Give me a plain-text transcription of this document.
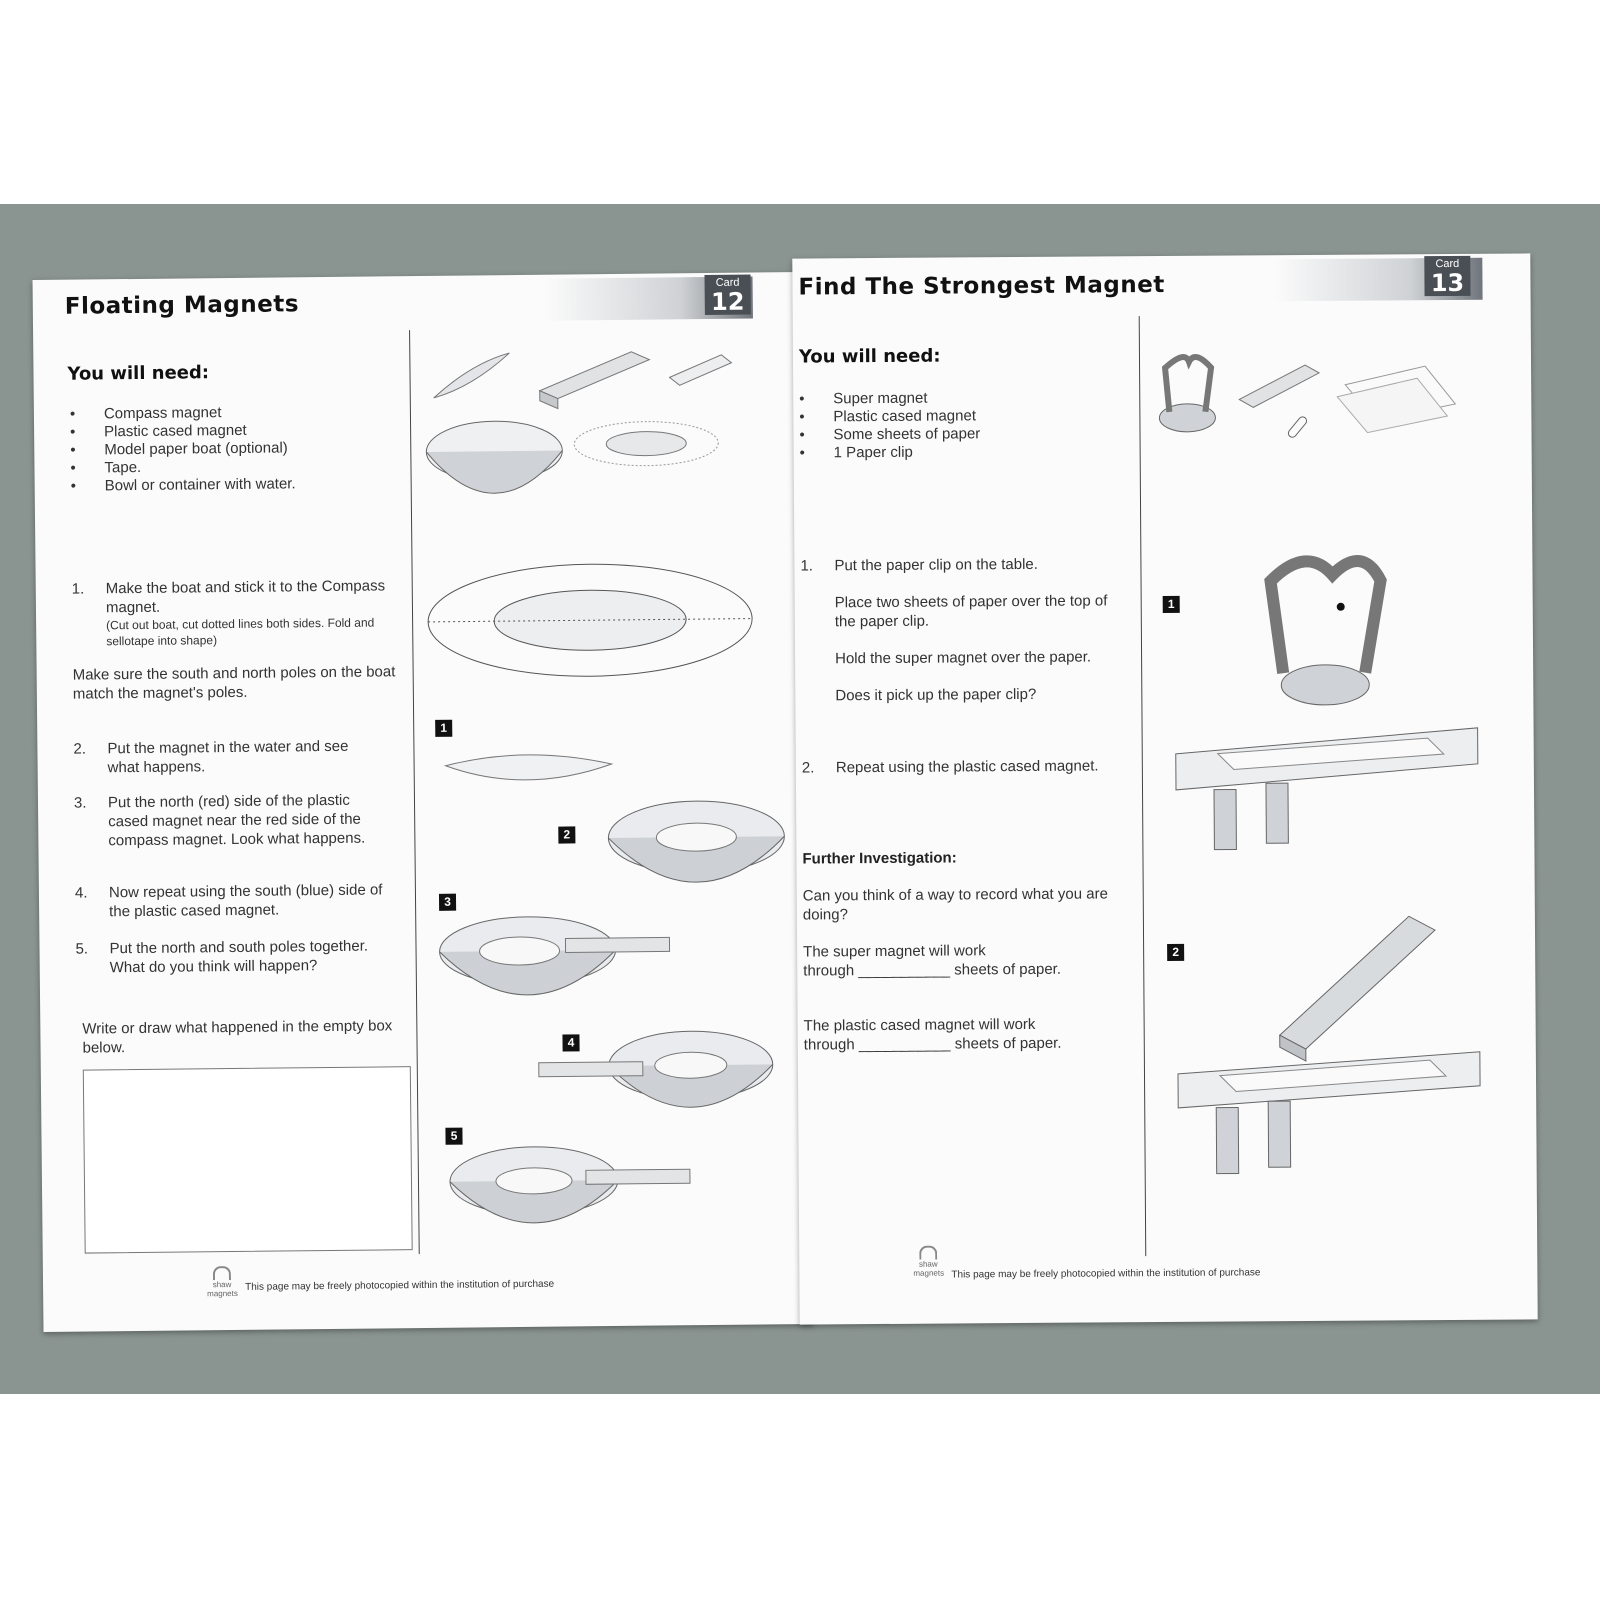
Floating Magnets
Card
12
You will need:
• Compass magnet
• Plastic cased magnet
• Model paper boat (optional)
• Tape.
• Bowl or container with water.
1.	Make the boat and stick it to the Compass magnet.
(Cut out boat, cut dotted lines both sides. Fold and sellotape into shape)
Make sure the south and north poles on the boat match the magnet's poles.
2.	Put the magnet in the water and see what happens.
3.	Put the north (red) side of the plastic cased magnet near the red side of the compass magnet. Look what happens.
4.	Now repeat using the south (blue) side of the plastic cased magnet.
5.	Put the north and south poles together. What do you think will happen?
Write or draw what happened in the empty box below.
1
2
3
4
5
shaw magnets
This page may be freely photocopied within the institution of purchase
Find The Strongest Magnet
Card
13
You will need:
• Super magnet
• Plastic cased magnet
• Some sheets of paper
• 1 Paper clip
1.	Put the paper clip on the table.
Place two sheets of paper over the top of the paper clip.
Hold the super magnet over the paper.
Does it pick up the paper clip?
2.	Repeat using the plastic cased magnet.
Further Investigation:
Can you think of a way to record what you are doing?
The super magnet will work
through ___________ sheets of paper.
The plastic cased magnet will work
through ___________ sheets of paper.
1
2
shaw magnets This page may be freely photocopied within the institution of purchase
